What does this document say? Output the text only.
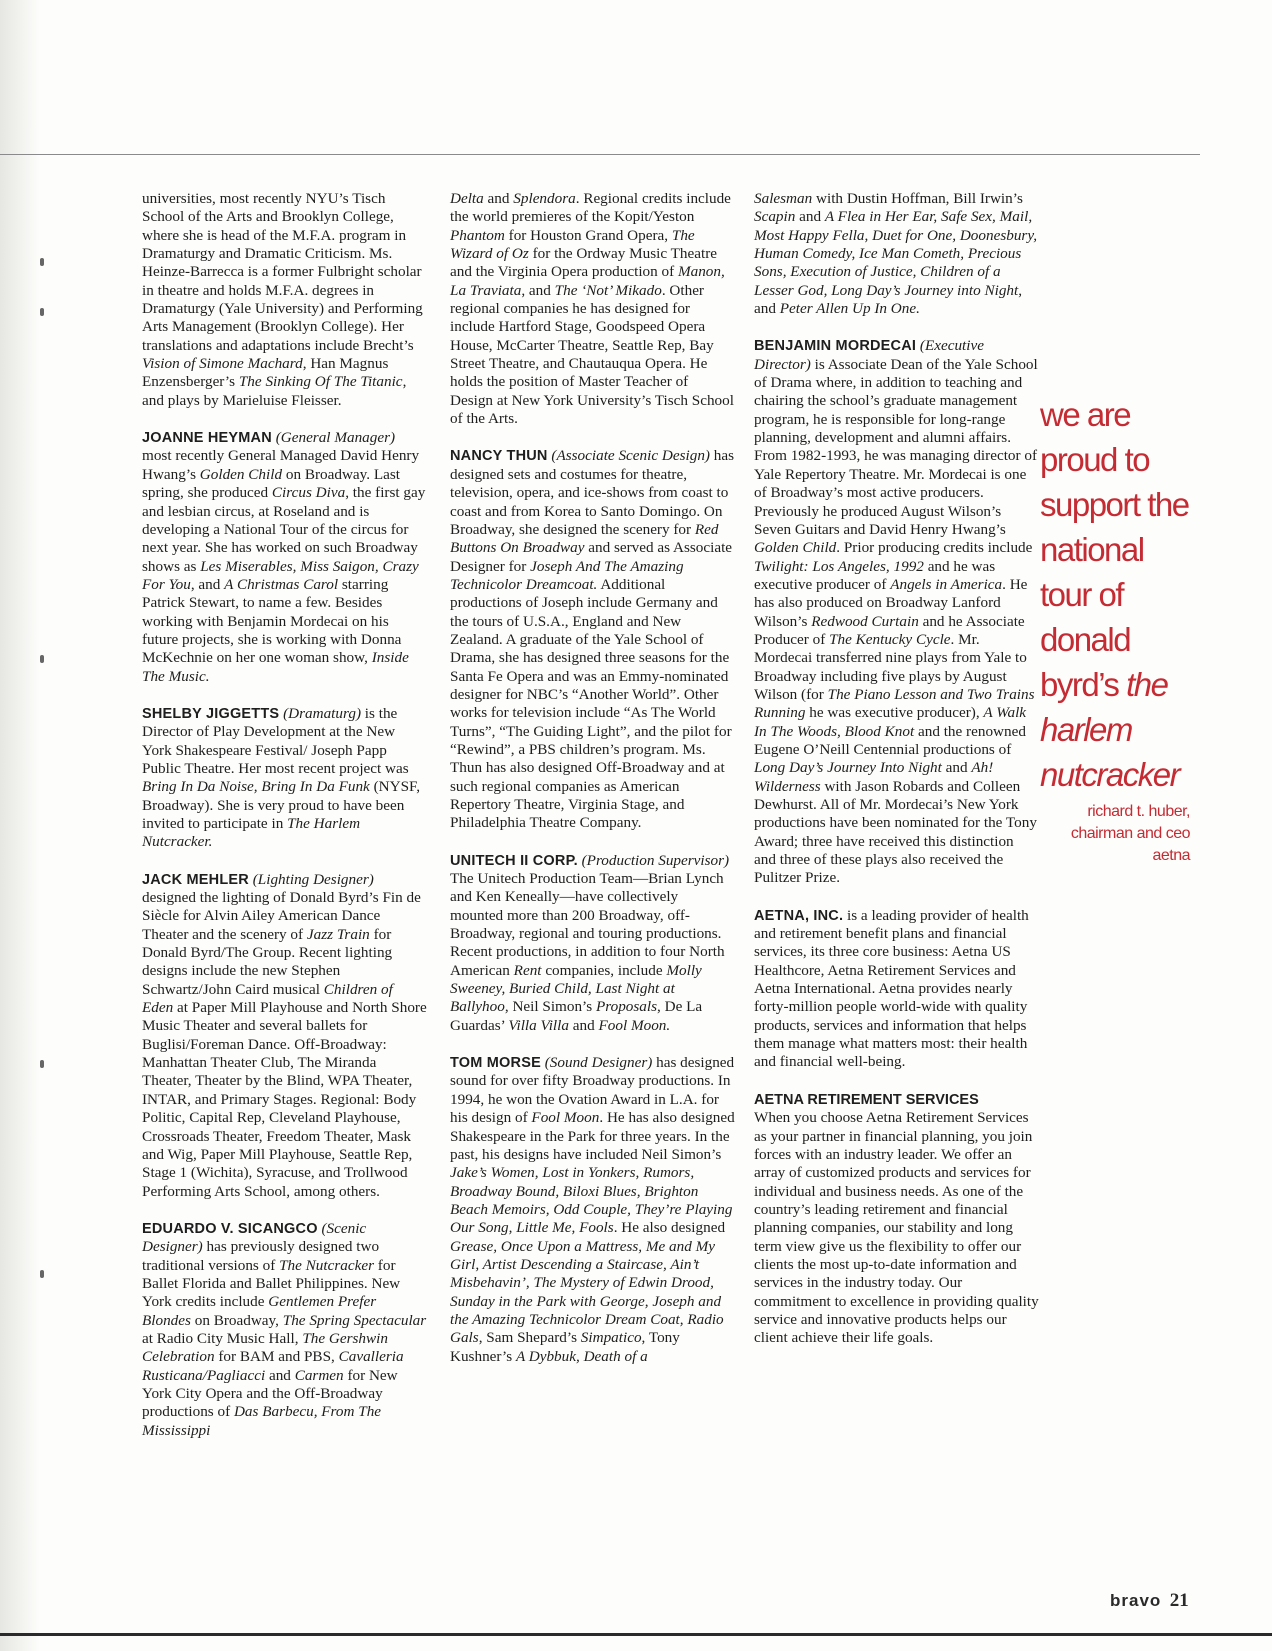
universities, most recently NYU’s Tisch School of the Arts and Brooklyn College, where she is head of the M.F.A. program in Dramaturgy and Dramatic Criticism. Ms. Heinze-Barrecca is a former Fulbright scholar in theatre and holds M.F.A. degrees in Dramaturgy (Yale University) and Performing Arts Management (Brooklyn College). Her translations and adaptations include Brecht’s Vision of Simone Machard, Han Magnus Enzensberger’s The Sinking Of The Titanic, and plays by Marieluise Fleisser.

JOANNE HEYMAN (General Manager) most recently General Managed David Henry Hwang’s Golden Child on Broadway. Last spring, she produced Circus Diva, the first gay and lesbian circus, at Roseland and is developing a National Tour of the circus for next year. She has worked on such Broadway shows as Les Miserables, Miss Saigon, Crazy For You, and A Christmas Carol starring Patrick Stewart, to name a few. Besides working with Benjamin Mordecai on his future projects, she is working with Donna McKechnie on her one woman show, Inside The Music.

SHELBY JIGGETTS (Dramaturg) is the Director of Play Development at the New York Shakespeare Festival/ Joseph Papp Public Theatre. Her most recent project was Bring In Da Noise, Bring In Da Funk (NYSF, Broadway). She is very proud to have been invited to participate in The Harlem Nutcracker.

JACK MEHLER (Lighting Designer) designed the lighting of Donald Byrd’s Fin de Siècle for Alvin Ailey American Dance Theater and the scenery of Jazz Train for Donald Byrd/The Group. Recent lighting designs include the new Stephen Schwartz/John Caird musical Children of Eden at Paper Mill Playhouse and North Shore Music Theater and several ballets for Buglisi/Foreman Dance. Off-Broadway: Manhattan Theater Club, The Miranda Theater, Theater by the Blind, WPA Theater, INTAR, and Primary Stages. Regional: Body Politic, Capital Rep, Cleveland Playhouse, Crossroads Theater, Freedom Theater, Mask and Wig, Paper Mill Playhouse, Seattle Rep, Stage 1 (Wichita), Syracuse, and Trollwood Performing Arts School, among others.

EDUARDO V. SICANGCO (Scenic Designer) has previously designed two traditional versions of The Nutcracker for Ballet Florida and Ballet Philippines. New York credits include Gentlemen Prefer Blondes on Broadway, The Spring Spectacular at Radio City Music Hall, The Gershwin Celebration for BAM and PBS, Cavalleria Rusticana/Pagliacci and Carmen for New York City Opera and the Off-Broadway productions of Das Barbecu, From The Mississippi

Delta and Splendora. Regional credits include the world premieres of the Kopit/Yeston Phantom for Houston Grand Opera, The Wizard of Oz for the Ordway Music Theatre and the Virginia Opera production of Manon, La Traviata, and The ‘Not’ Mikado. Other regional companies he has designed for include Hartford Stage, Goodspeed Opera House, McCarter Theatre, Seattle Rep, Bay Street Theatre, and Chautauqua Opera. He holds the position of Master Teacher of Design at New York University’s Tisch School of the Arts.

NANCY THUN (Associate Scenic Design) has designed sets and costumes for theatre, television, opera, and ice-shows from coast to coast and from Korea to Santo Domingo. On Broadway, she designed the scenery for Red Buttons On Broadway and served as Associate Designer for Joseph And The Amazing Technicolor Dreamcoat. Additional productions of Joseph include Germany and the tours of U.S.A., England and New Zealand. A graduate of the Yale School of Drama, she has designed three seasons for the Santa Fe Opera and was an Emmy-nominated designer for NBC’s “Another World”. Other works for television include “As The World Turns”, “The Guiding Light”, and the pilot for “Rewind”, a PBS children’s program. Ms. Thun has also designed Off-Broadway and at such regional companies as American Repertory Theatre, Virginia Stage, and Philadelphia Theatre Company.

UNITECH II CORP. (Production Supervisor) The Unitech Production Team—Brian Lynch and Ken Keneally—have collectively mounted more than 200 Broadway, off-Broadway, regional and touring productions. Recent productions, in addition to four North American Rent companies, include Molly Sweeney, Buried Child, Last Night at Ballyhoo, Neil Simon’s Proposals, De La Guardas’ Villa Villa and Fool Moon.

TOM MORSE (Sound Designer) has designed sound for over fifty Broadway productions. In 1994, he won the Ovation Award in L.A. for his design of Fool Moon. He has also designed Shakespeare in the Park for three years. In the past, his designs have included Neil Simon’s Jake’s Women, Lost in Yonkers, Rumors, Broadway Bound, Biloxi Blues, Brighton Beach Memoirs, Odd Couple, They’re Playing Our Song, Little Me, Fools. He also designed Grease, Once Upon a Mattress, Me and My Girl, Artist Descending a Staircase, Ain’t Misbehavin’, The Mystery of Edwin Drood, Sunday in the Park with George, Joseph and the Amazing Technicolor Dream Coat, Radio Gals, Sam Shepard’s Simpatico, Tony Kushner’s A Dybbuk, Death of a

Salesman with Dustin Hoffman, Bill Irwin’s Scapin and A Flea in Her Ear, Safe Sex, Mail, Most Happy Fella, Duet for One, Doonesbury, Human Comedy, Ice Man Cometh, Precious Sons, Execution of Justice, Children of a Lesser God, Long Day’s Journey into Night, and Peter Allen Up In One.

BENJAMIN MORDECAI (Executive Director) is Associate Dean of the Yale School of Drama where, in addition to teaching and chairing the school’s graduate management program, he is responsible for long-range planning, development and alumni affairs. From 1982-1993, he was managing director of Yale Repertory Theatre. Mr. Mordecai is one of Broadway’s most active producers. Previously he produced August Wilson’s Seven Guitars and David Henry Hwang’s Golden Child. Prior producing credits include Twilight: Los Angeles, 1992 and he was executive producer of Angels in America. He has also produced on Broadway Lanford Wilson’s Redwood Curtain and he Associate Producer of The Kentucky Cycle. Mr. Mordecai transferred nine plays from Yale to Broadway including five plays by August Wilson (for The Piano Lesson and Two Trains Running he was executive producer), A Walk In The Woods, Blood Knot and the renowned Eugene O’Neill Centennial productions of Long Day’s Journey Into Night and Ah! Wilderness with Jason Robards and Colleen Dewhurst. All of Mr. Mordecai’s New York productions have been nominated for the Tony Award; three have received this distinction and three of these plays also received the Pulitzer Prize.

AETNA, INC. is a leading provider of health and retirement benefit plans and financial services, its three core business: Aetna US Healthcore, Aetna Retirement Services and Aetna International. Aetna provides nearly forty-million people world-wide with quality products, services and information that helps them manage what matters most: their health and financial well-being.

AETNA RETIREMENT SERVICES
When you choose Aetna Retirement Services as your partner in financial planning, you join forces with an industry leader. We offer an array of customized products and services for individual and business needs. As one of the country’s leading retirement and financial planning companies, our stability and long term view give us the flexibility to offer our clients the most up-to-date information and services in the industry today. Our commitment to excellence in providing quality service and innovative products helps our client achieve their life goals.

we are
proud to
support the
national
tour of
donald
byrd’s the
harlem
nutcracker
richard t. huber,
chairman and ceo
aetna
bravo 21
